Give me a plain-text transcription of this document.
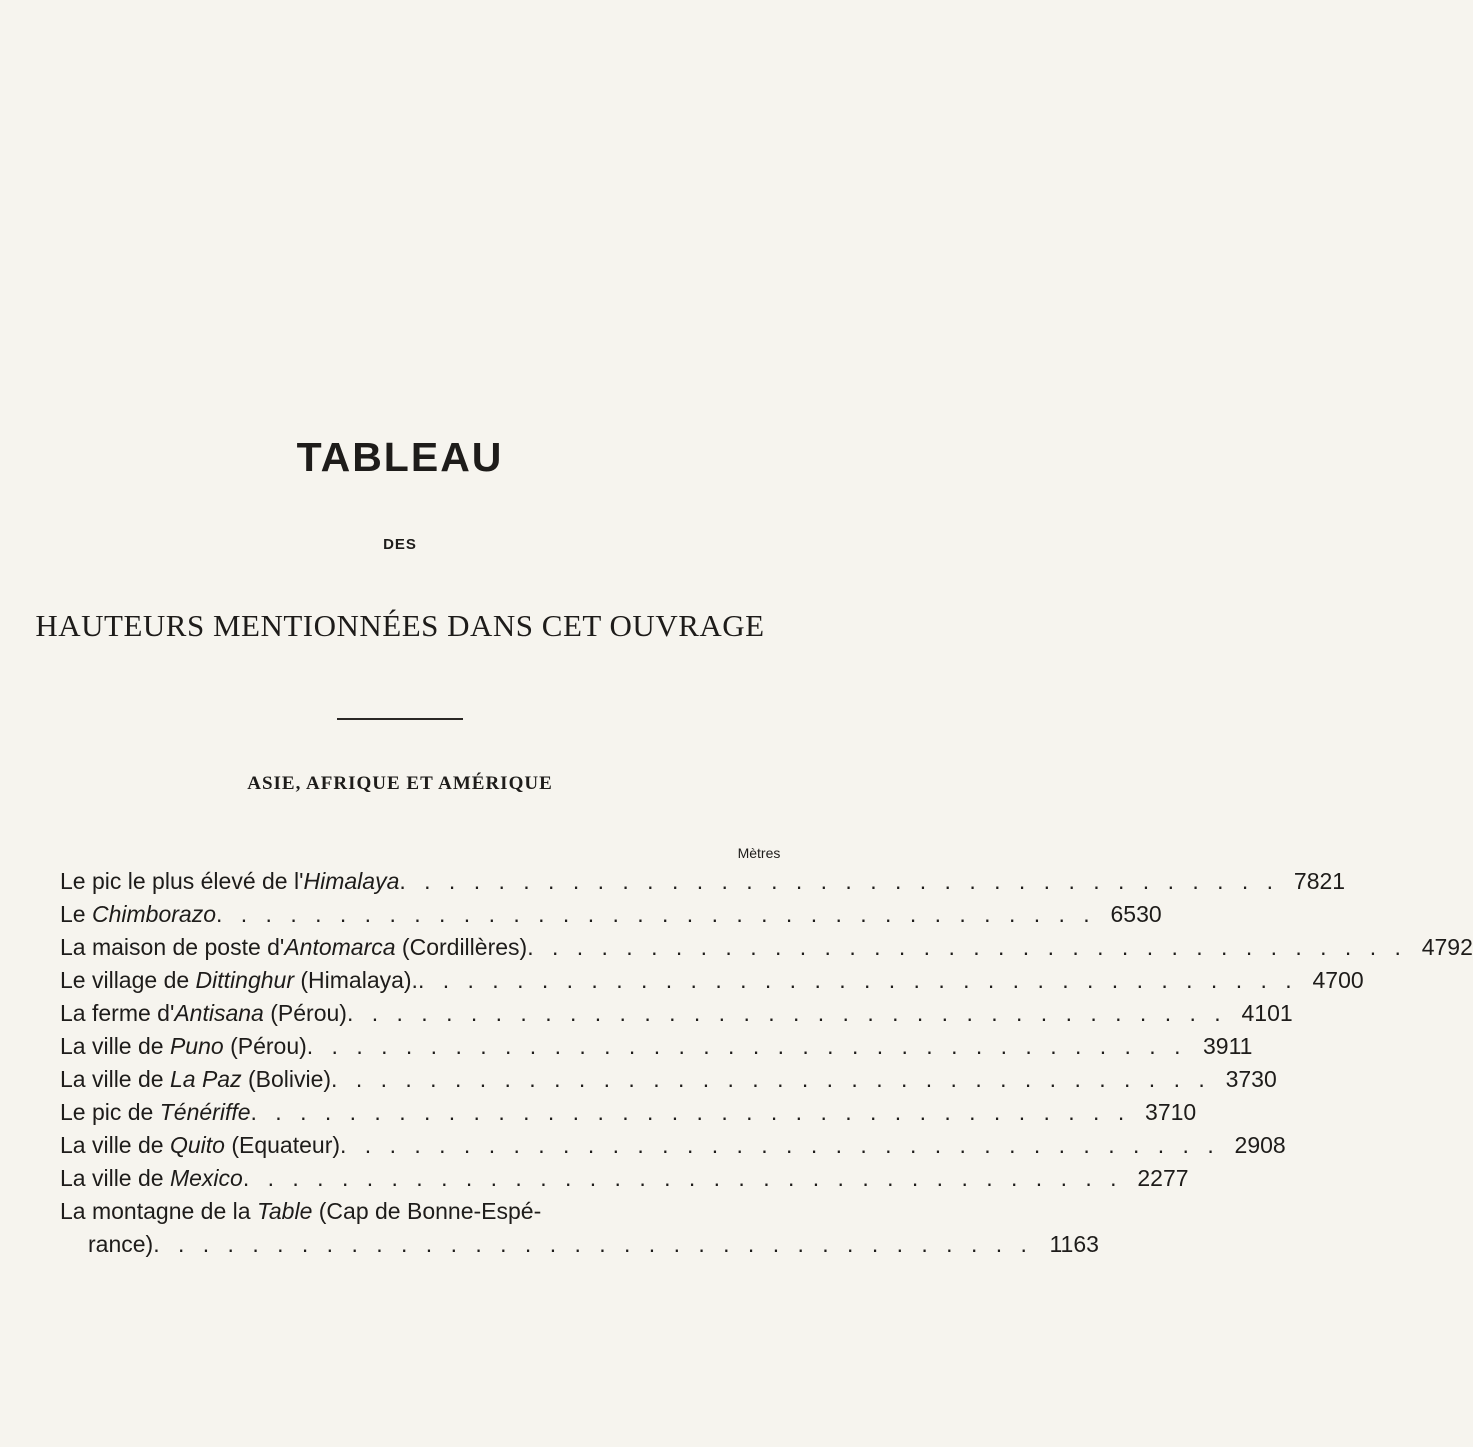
TABLEAU
DES
HAUTEURS MENTIONNÉES DANS CET OUVRAGE
ASIE, AFRIQUE ET AMÉRIQUE
Mètres
Le pic le plus élevé de l'Himalaya . . . . . . . . . . . . . . . . . . . . . . . . . . . . . . . . . . . . 7821
Le Chimborazo . . . . . . . . . . . . . . . . . . . . . . . . . . . . . . . . . . . . 6530
La maison de poste d'Antomarca (Cordillères) . . . . . . . . . . . . . . . . . . . . . . . . . . . . . . . . . . . . 4792
Le village de Dittinghur (Himalaya). . . . . . . . . . . . . . . . . . . . . . . . . . . . . . . . . . . . . 4700
La ferme d'Antisana (Pérou) . . . . . . . . . . . . . . . . . . . . . . . . . . . . . . . . . . . . 4101
La ville de Puno (Pérou) . . . . . . . . . . . . . . . . . . . . . . . . . . . . . . . . . . . . 3911
La ville de La Paz (Bolivie) . . . . . . . . . . . . . . . . . . . . . . . . . . . . . . . . . . . . 3730
Le pic de Ténériffe . . . . . . . . . . . . . . . . . . . . . . . . . . . . . . . . . . . . 3710
La ville de Quito (Equateur) . . . . . . . . . . . . . . . . . . . . . . . . . . . . . . . . . . . . 2908
La ville de Mexico . . . . . . . . . . . . . . . . . . . . . . . . . . . . . . . . . . . . 2277
La montagne de la Table (Cap de Bonne-Espé-
rance) . . . . . . . . . . . . . . . . . . . . . . . . . . . . . . . . . . . . 1163
